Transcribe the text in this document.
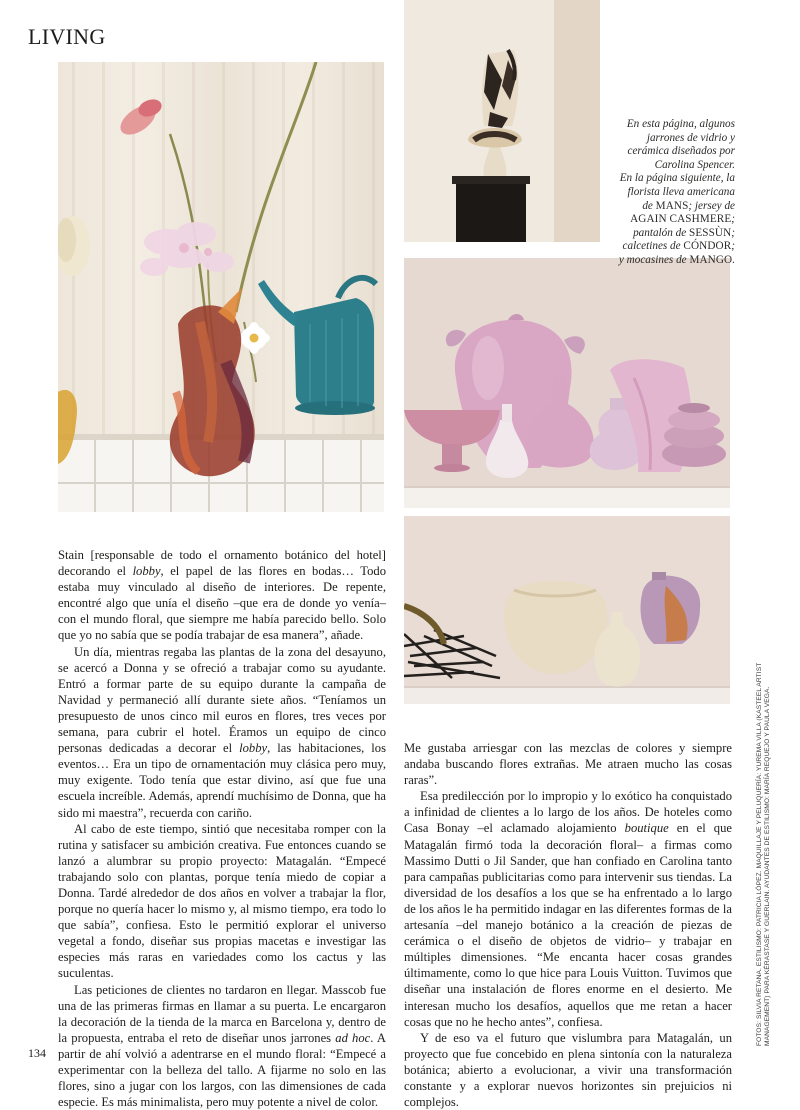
LIVING

En esta página, algunos jarrones de vidrio y cerámica diseñados por Carolina Spencer.
En la página siguiente, la florista lleva americana de MANS; jersey de AGAIN CASHMERE; pantalón de SESSÙN; calcetines de CÓNDOR; y mocasines de MANGO.

Stain [responsable de todo el ornamento botánico del hotel] decorando el lobby, el papel de las flores en bodas… Todo estaba muy vinculado al diseño de interiores. De repente, encontré algo que unía el diseño –que era de donde yo venía– con el mundo floral, que siempre me había parecido bello. Solo que yo no sabía que se podía trabajar de esa manera”, añade.

Un día, mientras regaba las plantas de la zona del desayuno, se acercó a Donna y se ofreció a trabajar como su ayudante. Entró a formar parte de su equipo durante la campaña de Navidad y permaneció allí durante siete años. “Teníamos un presupuesto de unos cinco mil euros en flores, tres veces por semana, para cubrir el hotel. Éramos un equipo de cinco personas dedicadas a decorar el lobby, las habitaciones, los eventos… Era un tipo de ornamentación muy clásica pero muy, muy exigente. Todo tenía que estar divino, así que fue una escuela increíble. Además, aprendí muchísimo de Donna, que ha sido mi maestra”, recuerda con cariño.

Al cabo de este tiempo, sintió que necesitaba romper con la rutina y satisfacer su ambición creativa. Fue entonces cuando se lanzó a alumbrar su propio proyecto: Matagalán. “Empecé trabajando solo con plantas, porque tenía miedo de copiar a Donna. Tardé alrededor de dos años en volver a trabajar la flor, porque no quería hacer lo mismo y, al mismo tiempo, era todo lo que sabía”, confiesa. Esto le permitió explorar el universo vegetal a fondo, diseñar sus propias macetas e investigar las especies más raras en variedades como los cactus y las suculentas.

Las peticiones de clientes no tardaron en llegar. Masscob fue una de las primeras firmas en llamar a su puerta. Le encargaron la decoración de la tienda de la marca en Barcelona y, dentro de la propuesta, entraba el reto de diseñar unos jarrones ad hoc. A partir de ahí volvió a adentrarse en el mundo floral: “Empecé a experimentar con la belleza del tallo. A fijarme no solo en las flores, sino a jugar con los largos, con las dimensiones de cada especie. Es más minimalista, pero muy potente a nivel de color.

Me gustaba arriesgar con las mezclas de colores y siempre andaba buscando flores extrañas. Me atraen mucho las cosas raras”.

Esa predilección por lo impropio y lo exótico ha conquistado a infinidad de clientes a lo largo de los años. De hoteles como Casa Bonay –el aclamado alojamiento boutique en el que Matagalán firmó toda la decoración floral– a firmas como Massimo Dutti o Jil Sander, que han confiado en Carolina tanto para campañas publicitarias como para intervenir sus tiendas. La diversidad de los desafíos a los que se ha enfrentado a lo largo de los años le ha permitido indagar en las diferentes formas de la artesanía –del manejo botánico a la creación de piezas de cerámica o el diseño de objetos de vidrio– y trabajar en múltiples dimensiones. “Me encanta hacer cosas grandes últimamente, como lo que hice para Louis Vuitton. Tuvimos que diseñar una instalación de flores enorme en el desierto. Me interesan mucho los desafíos, aquellos que me retan a hacer cosas que no he hecho antes”, confiesa.

Y de eso va el futuro que vislumbra para Matagalán, un proyecto que fue concebido en plena sintonía con la naturaleza botánica; abierto a evolucionar, a vivir una transformación constante y a explorar nuevos horizontes sin prejuicios ni complejos.

134

FOTOS: SILVIA RETANA. ESTILISMO: PATRICIA LÓPEZ. MAQUILLAJE Y PELUQUERÍA: YUREMA VILLA (KASTEEL ARTIST MANAGEMENT) PARA KÉRASTASE Y GUERLAIN. AYUDANTES DE ESTILISMO: MARÍA REQUEJO Y PAULA VEGA.
